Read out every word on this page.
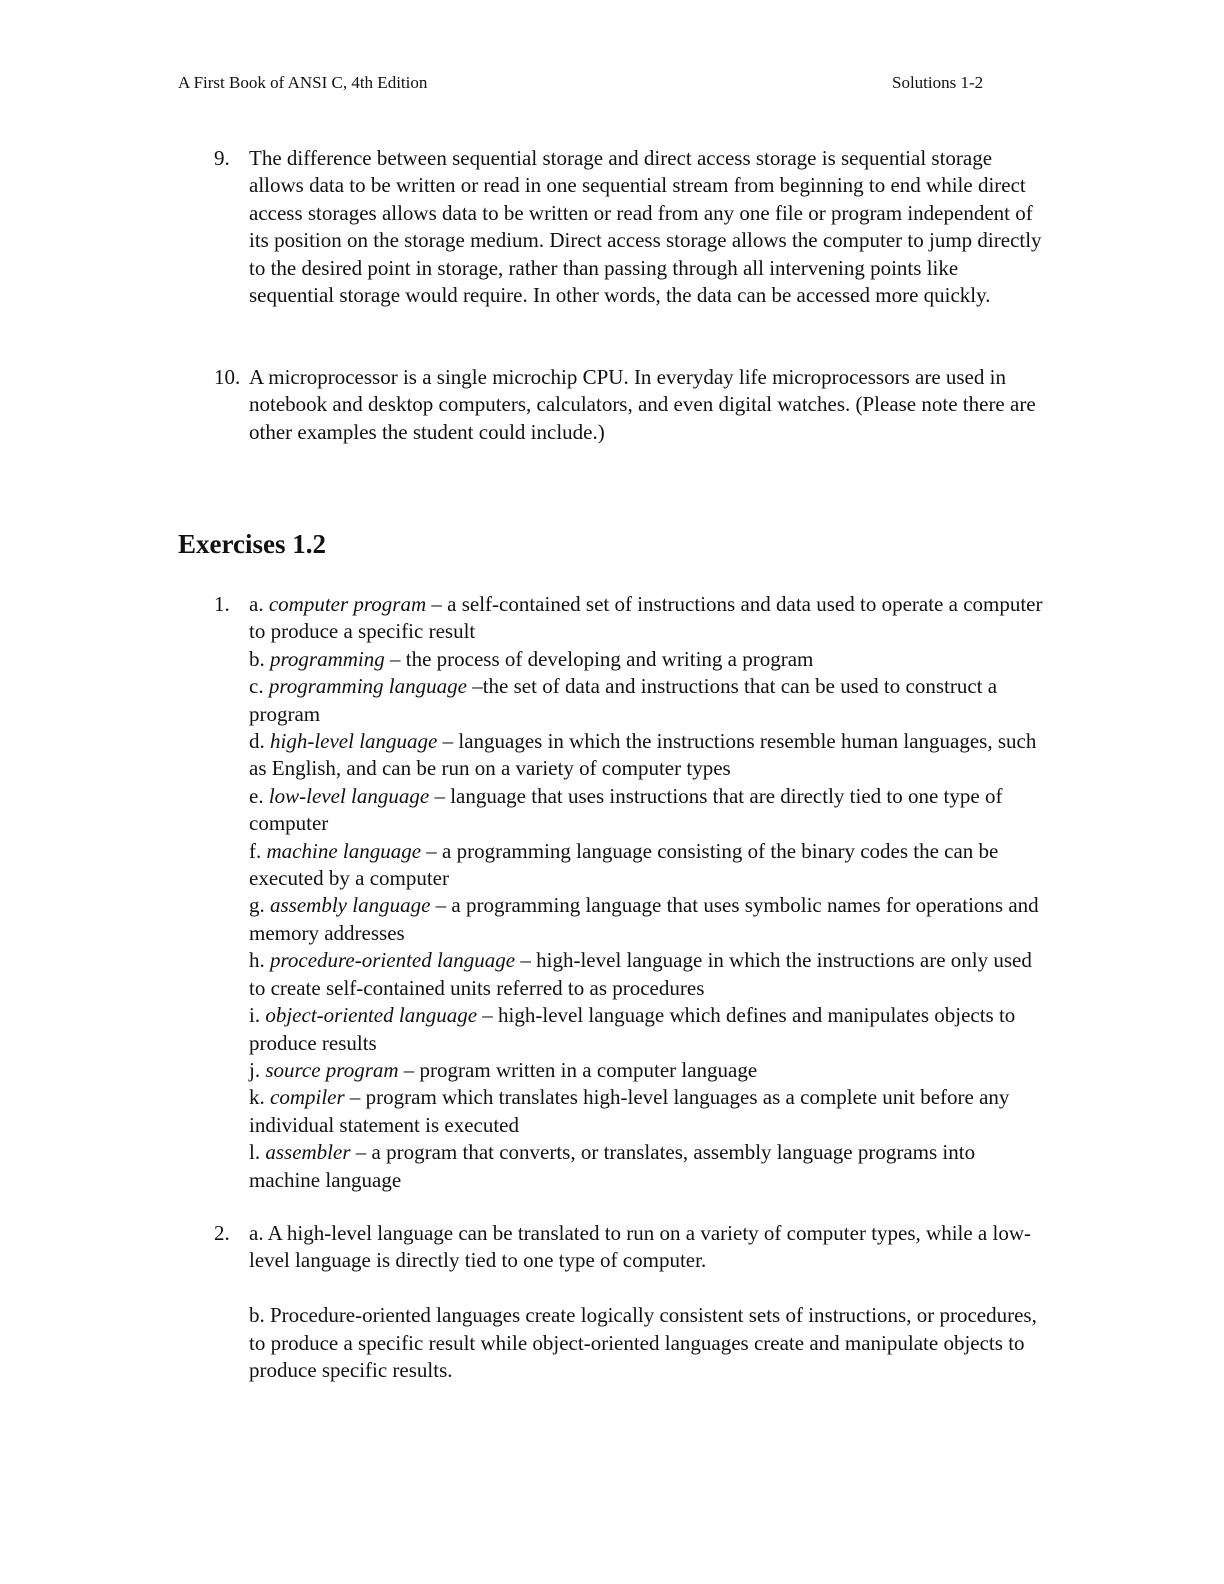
A First Book of ANSI C, 4th Edition	Solutions 1-2
9. The difference between sequential storage and direct access storage is sequential storage allows data to be written or read in one sequential stream from beginning to end while direct access storages allows data to be written or read from any one file or program independent of its position on the storage medium. Direct access storage allows the computer to jump directly to the desired point in storage, rather than passing through all intervening points like sequential storage would require. In other words, the data can be accessed more quickly.

10. A microprocessor is a single microchip CPU. In everyday life microprocessors are used in notebook and desktop computers, calculators, and even digital watches. (Please note there are other examples the student could include.)

Exercises 1.2
1. a. computer program – a self-contained set of instructions and data used to operate a computer to produce a specific result

b. programming – the process of developing and writing a program

c. programming language –the set of data and instructions that can be used to construct a program

d. high-level language – languages in which the instructions resemble human languages, such as English, and can be run on a variety of computer types

e. low-level language – language that uses instructions that are directly tied to one type of computer

f. machine language – a programming language consisting of the binary codes the can be executed by a computer

g. assembly language – a programming language that uses symbolic names for operations and memory addresses

h. procedure-oriented language – high-level language in which the instructions are only used to create self-contained units referred to as procedures

i. object-oriented language – high-level language which defines and manipulates objects to produce results

j. source program – program written in a computer language

k. compiler – program which translates high-level languages as a complete unit before any individual statement is executed

l. assembler – a program that converts, or translates, assembly language programs into machine language

2. a. A high-level language can be translated to run on a variety of computer types, while a low-level language is directly tied to one type of computer.

b. Procedure-oriented languages create logically consistent sets of instructions, or procedures, to produce a specific result while object-oriented languages create and manipulate objects to produce specific results.
